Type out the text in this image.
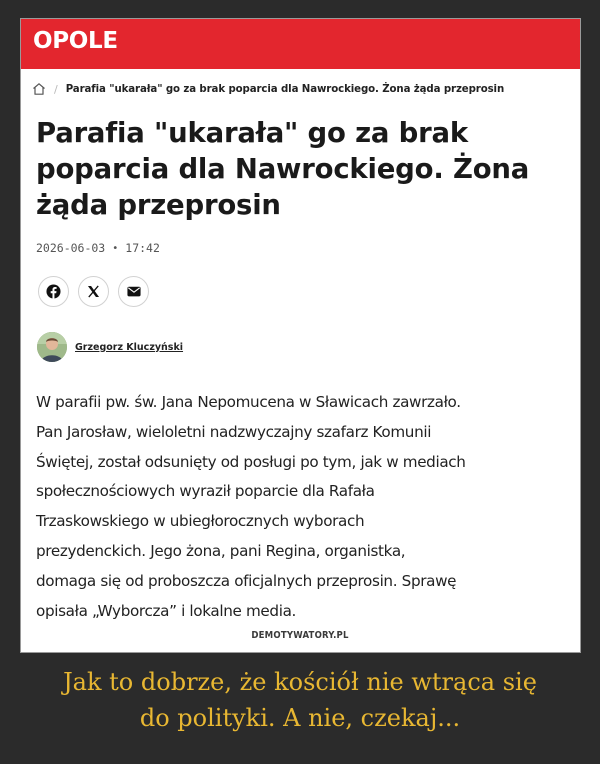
OPOLE
/ Parafia "ukarała" go za brak poparcia dla Nawrockiego. Żona żąda przeprosin
Parafia "ukarała" go za brak
poparcia dla Nawrockiego. Żona
żąda przeprosin
2026-06-03 • 17:42
Grzegorz Kluczyński
W parafii pw. św. Jana Nepomucena w Sławicach zawrzało.
Pan Jarosław, wieloletni nadzwyczajny szafarz Komunii
Świętej, został odsunięty od posługi po tym, jak w mediach
społecznościowych wyraził poparcie dla Rafała
Trzaskowskiego w ubiegłorocznych wyborach
prezydenckich. Jego żona, pani Regina, organistka,
domaga się od proboszcza oficjalnych przeprosin. Sprawę
opisała „Wyborcza” i lokalne media.
DEMOTYWATORY.PL
Jak to dobrze, że kościół nie wtrąca się
do polityki. A nie, czekaj...
